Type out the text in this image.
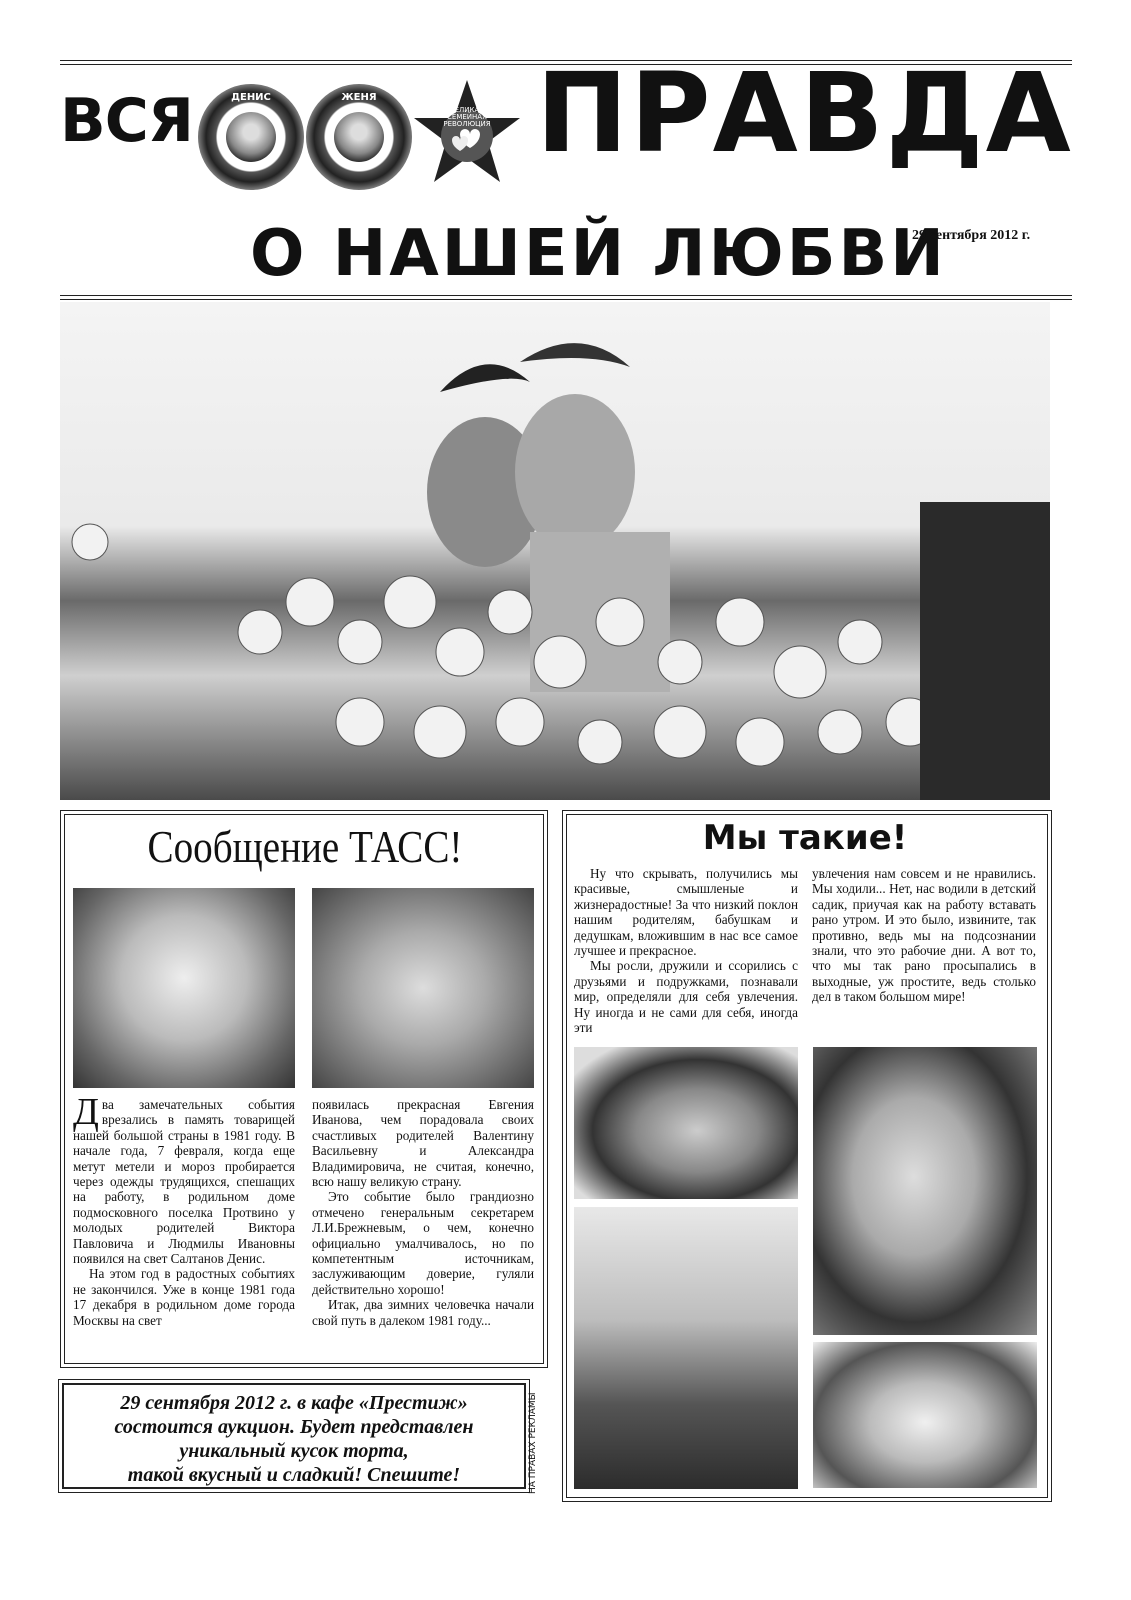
ВСЯ	ДЕНИС	ЖЕНЯ
ВЕЛИКАЯ
СЕМЕЙНАЯ
РЕВОЛЮЦИЯ ПРАВДА
О НАШЕЙ ЛЮБВИ
29 сентября 2012 г.
Сообщение ТАСС!

Два замечательных события врезались в память товарищей нашей большой страны в 1981 году. В начале года, 7 февраля, когда еще метут метели и мороз пробирается через одежды трудящихся, спешащих на работу, в родильном доме подмосковного поселка Протвино у молодых родителей Виктора Павловича и Людмилы Ивановны появился на свет Салтанов Денис.

На этом год в радостных событиях не закончился. Уже в конце 1981 года 17 декабря в родильном доме города Москвы на свет

появилась прекрасная Евгения Иванова, чем порадовала своих счастливых родителей Валентину Васильевну и Александра Владимировича, не считая, конечно, всю нашу великую страну.

Это событие было грандиозно отмечено генеральным секретарем Л.И.Брежневым, о чем, конечно официально умалчивалось, но по компетентным источникам, заслуживающим доверие, гуляли действительно хорошо!

Итак, два зимних человечка начали свой путь в далеком 1981 году...

29 сентября 2012 г. в кафе «Престиж»
состоится аукцион. Будет представлен
уникальный кусок торта,
такой вкусный и сладкий! Спешите!	НА ПРАВАХ РЕКЛАМЫ
Мы такие!

Ну что скрывать, получились мы красивые, смышленые и жизнерадостные! За что низкий поклон нашим родителям, бабушкам и дедушкам, вложившим в нас все самое лучшее и прекрасное.

Мы росли, дружили и ссорились с друзьями и подружками, познавали мир, определяли для себя увлечения. Ну иногда и не сами для себя, иногда эти

увлечения нам совсем и не нравились. Мы ходили... Нет, нас водили в детский садик, приучая как на работу вставать рано утром. И это было, извините, так противно, ведь мы на подсознании знали, что это рабочие дни. А вот то, что мы так рано просыпались в выходные, уж простите, ведь столько дел в таком большом мире!
